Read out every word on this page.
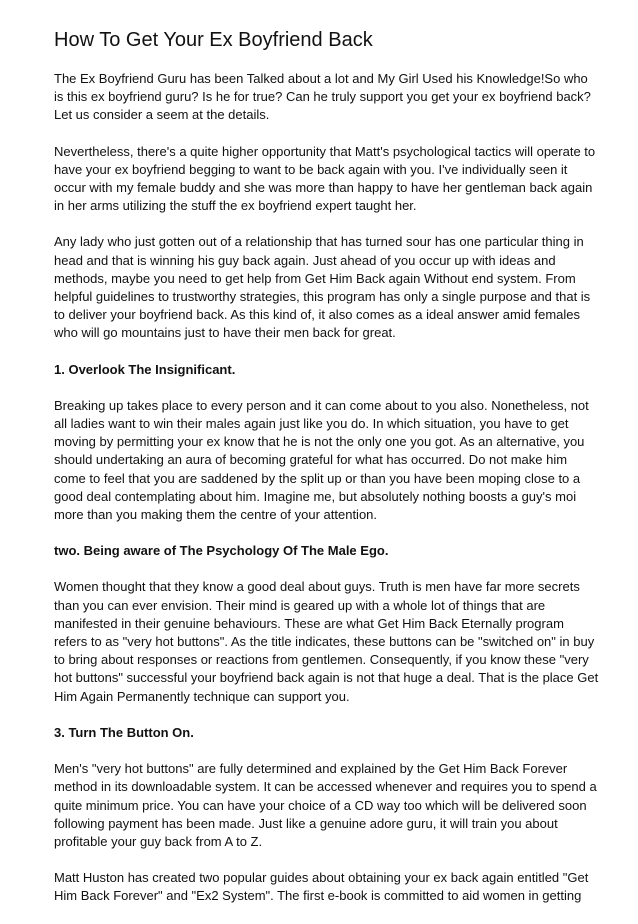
How To Get Your Ex Boyfriend Back

The Ex Boyfriend Guru has been Talked about a lot and My Girl Used his Knowledge!So who is this ex boyfriend guru? Is he for true? Can he truly support you get your ex boyfriend back? Let us consider a seem at the details.

Nevertheless, there's a quite higher opportunity that Matt's psychological tactics will operate to have your ex boyfriend begging to want to be back again with you. I've individually seen it occur with my female buddy and she was more than happy to have her gentleman back again in her arms utilizing the stuff the ex boyfriend expert taught her.

Any lady who just gotten out of a relationship that has turned sour has one particular thing in head and that is winning his guy back again. Just ahead of you occur up with ideas and methods, maybe you need to get help from Get Him Back again Without end system. From helpful guidelines to trustworthy strategies, this program has only a single purpose and that is to deliver your boyfriend back. As this kind of, it also comes as a ideal answer amid females who will go mountains just to have their men back for great.

1. Overlook The Insignificant.

Breaking up takes place to every person and it can come about to you also. Nonetheless, not all ladies want to win their males again just like you do. In which situation, you have to get moving by permitting your ex know that he is not the only one you got. As an alternative, you should undertaking an aura of becoming grateful for what has occurred. Do not make him come to feel that you are saddened by the split up or than you have been moping close to a good deal contemplating about him. Imagine me, but absolutely nothing boosts a guy's moi more than you making them the centre of your attention.

two. Being aware of The Psychology Of The Male Ego.

Women thought that they know a good deal about guys. Truth is men have far more secrets than you can ever envision. Their mind is geared up with a whole lot of things that are manifested in their genuine behaviours. These are what Get Him Back Eternally program refers to as "very hot buttons". As the title indicates, these buttons can be "switched on" in buy to bring about responses or reactions from gentlemen. Consequently, if you know these "very hot buttons" successful your boyfriend back again is not that huge a deal. That is the place Get Him Again Permanently technique can support you.

3. Turn The Button On.

Men's "very hot buttons" are fully determined and explained by the Get Him Back Forever method in its downloadable system. It can be accessed whenever and requires you to spend a quite minimum price. You can have your choice of a CD way too which will be delivered soon following payment has been made. Just like a genuine adore guru, it will train you about profitable your guy back from A to Z.

Matt Huston has created two popular guides about obtaining your ex back again entitled "Get Him Back Forever" and "Ex2 System". The first e-book is committed to aid women in getting
